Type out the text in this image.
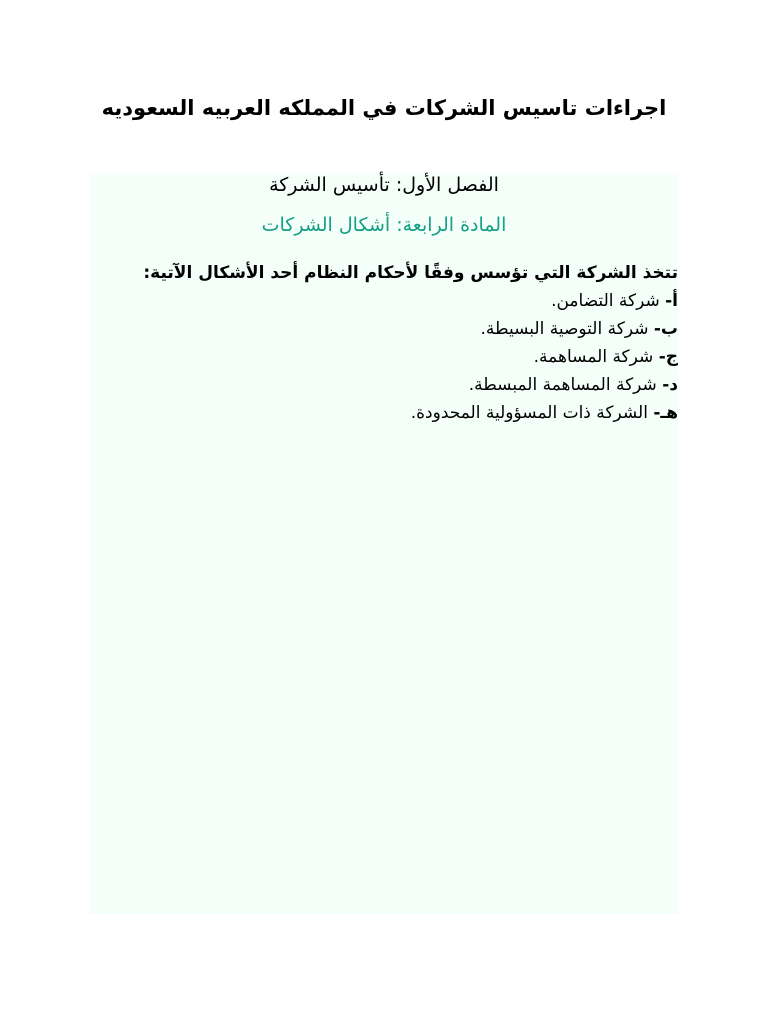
اجراءات تاسيس الشركات في المملكه العربيه السعوديه
الفصل الأول: تأسيس الشركة
المادة الرابعة: أشكال الشركات

تتخذ الشركة التي تؤسس وفقًا لأحكام النظام أحد الأشكال الآتية:

أ- شركة التضامن.
ب- شركة التوصية البسيطة.
ج- شركة المساهمة.
د- شركة المساهمة المبسطة.
هـ- الشركة ذات المسؤولية المحدودة.
